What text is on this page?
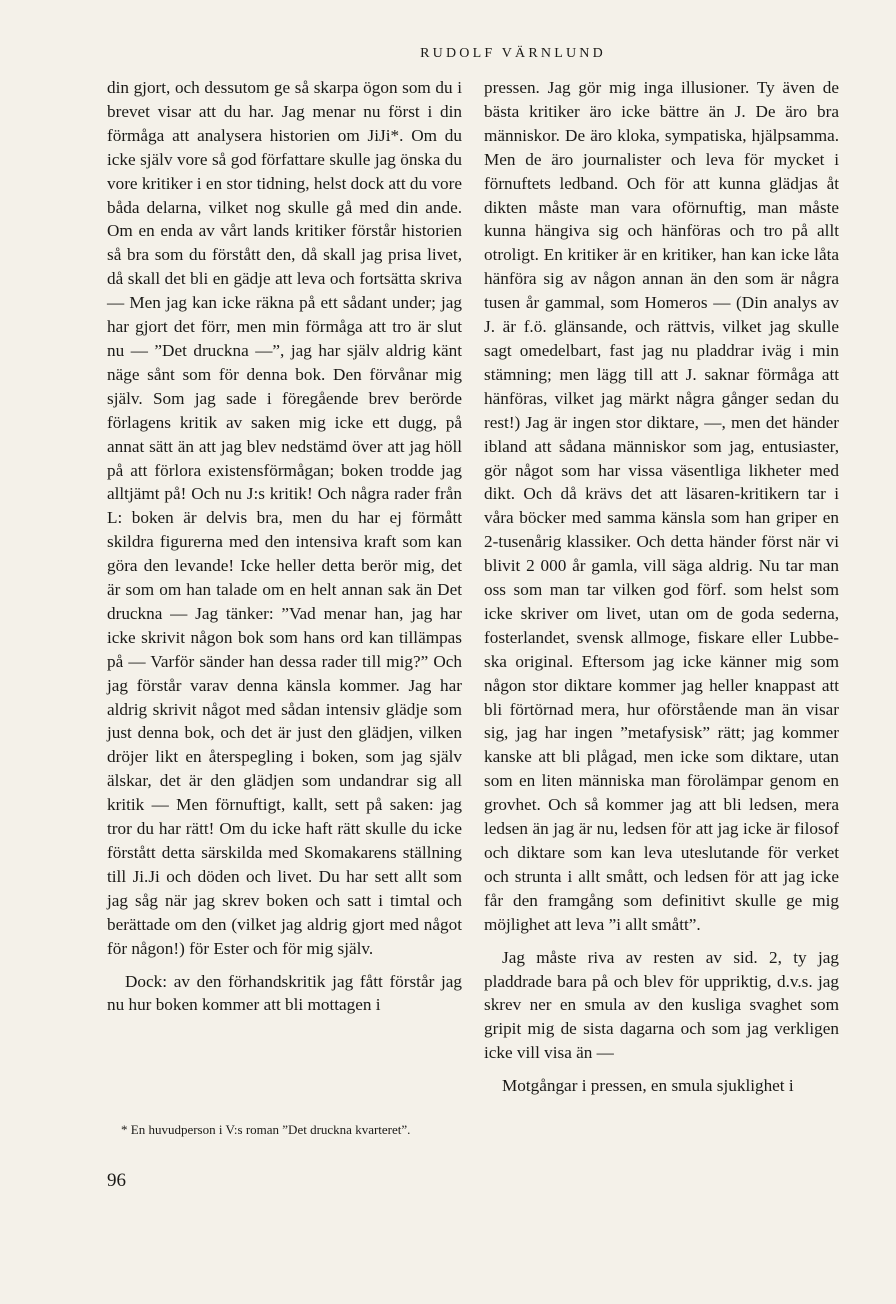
RUDOLF VÄRNLUND

din gjort, och dessutom ge så skarpa ögon som du i brevet visar att du har. Jag menar nu först i din förmåga att analysera historien om JiJi*. Om du icke själv vore så god författare skulle jag önska du vore kritiker i en stor tidning, helst dock att du vore båda delarna, vilket nog skulle gå med din ande. Om en enda av vårt lands kritiker förstår historien så bra som du förstått den, då skall jag prisa livet, då skall det bli en gädje att leva och fortsätta skriva — Men jag kan icke räkna på ett sådant under; jag har gjort det förr, men min förmåga att tro är slut nu — ”Det druckna —”, jag har själv aldrig känt näge sånt som för denna bok. Den förvånar mig själv. Som jag sade i föregående brev berörde förlagens kritik av saken mig icke ett dugg, på annat sätt än att jag blev nedstämd över att jag höll på att förlora existensförmågan; boken trodde jag alltjämt på! Och nu J:s kritik! Och några rader från L: boken är delvis bra, men du har ej förmått skildra figurerna med den intensiva kraft som kan göra den levande! Icke heller detta berör mig, det är som om han talade om en helt annan sak än Det druckna — Jag tänker: ”Vad menar han, jag har icke skrivit någon bok som hans ord kan tillämpas på — Varför sänder han dessa rader till mig?” Och jag förstår varav denna känsla kommer. Jag har aldrig skrivit något med sådan intensiv glädje som just denna bok, och det är just den glädjen, vilken dröjer likt en återspegling i boken, som jag själv älskar, det är den glädjen som undandrar sig all kritik — Men förnuftigt, kallt, sett på saken: jag tror du har rätt! Om du icke haft rätt skulle du icke förstått detta särskilda med Skomakarens ställning till Ji.Ji och döden och livet. Du har sett allt som jag såg när jag skrev boken och satt i timtal och berättade om den (vilket jag aldrig gjort med något för någon!) för Ester och för mig själv.

Dock: av den förhandskritik jag fått förstår jag nu hur boken kommer att bli mottagen i

pressen. Jag gör mig inga illusioner. Ty även de bästa kritiker äro icke bättre än J. De äro bra människor. De äro kloka, sympatiska, hjälpsamma. Men de äro journalister och leva för mycket i förnuftets ledband. Och för att kunna glädjas åt dikten måste man vara oförnuftig, man måste kunna hängiva sig och hänföras och tro på allt otroligt. En kritiker är en kritiker, han kan icke låta hänföra sig av någon annan än den som är några tusen år gammal, som Homeros — (Din analys av J. är f.ö. glänsande, och rättvis, vilket jag skulle sagt omedelbart, fast jag nu pladdrar iväg i min stämning; men lägg till att J. saknar förmåga att hänföras, vilket jag märkt några gånger sedan du rest!) Jag är ingen stor diktare, —, men det händer ibland att sådana människor som jag, entusiaster, gör något som har vissa väsentliga likheter med dikt. Och då krävs det att läsaren-kritikern tar i våra böcker med samma känsla som han griper en 2-tusenårig klassiker. Och detta händer först när vi blivit 2 000 år gamla, vill säga aldrig. Nu tar man oss som man tar vilken god förf. som helst som icke skriver om livet, utan om de goda sederna, fosterlandet, svensk allmoge, fiskare eller Lubbe-ska original. Eftersom jag icke känner mig som någon stor diktare kommer jag heller knappast att bli förtörnad mera, hur oförstående man än visar sig, jag har ingen ”metafysisk” rätt; jag kommer kanske att bli plågad, men icke som diktare, utan som en liten människa man förolämpar genom en grovhet. Och så kommer jag att bli ledsen, mera ledsen än jag är nu, ledsen för att jag icke är filosof och diktare som kan leva uteslutande för verket och strunta i allt smått, och ledsen för att jag icke får den framgång som definitivt skulle ge mig möjlighet att leva ”i allt smått”.

Jag måste riva av resten av sid. 2, ty jag pladdrade bara på och blev för uppriktig, d.v.s. jag skrev ner en smula av den kusliga svaghet som gripit mig de sista dagarna och som jag verkligen icke vill visa än —

Motgångar i pressen, en smula sjuklighet i

* En huvudperson i V:s roman ”Det druckna kvarteret”.
96
